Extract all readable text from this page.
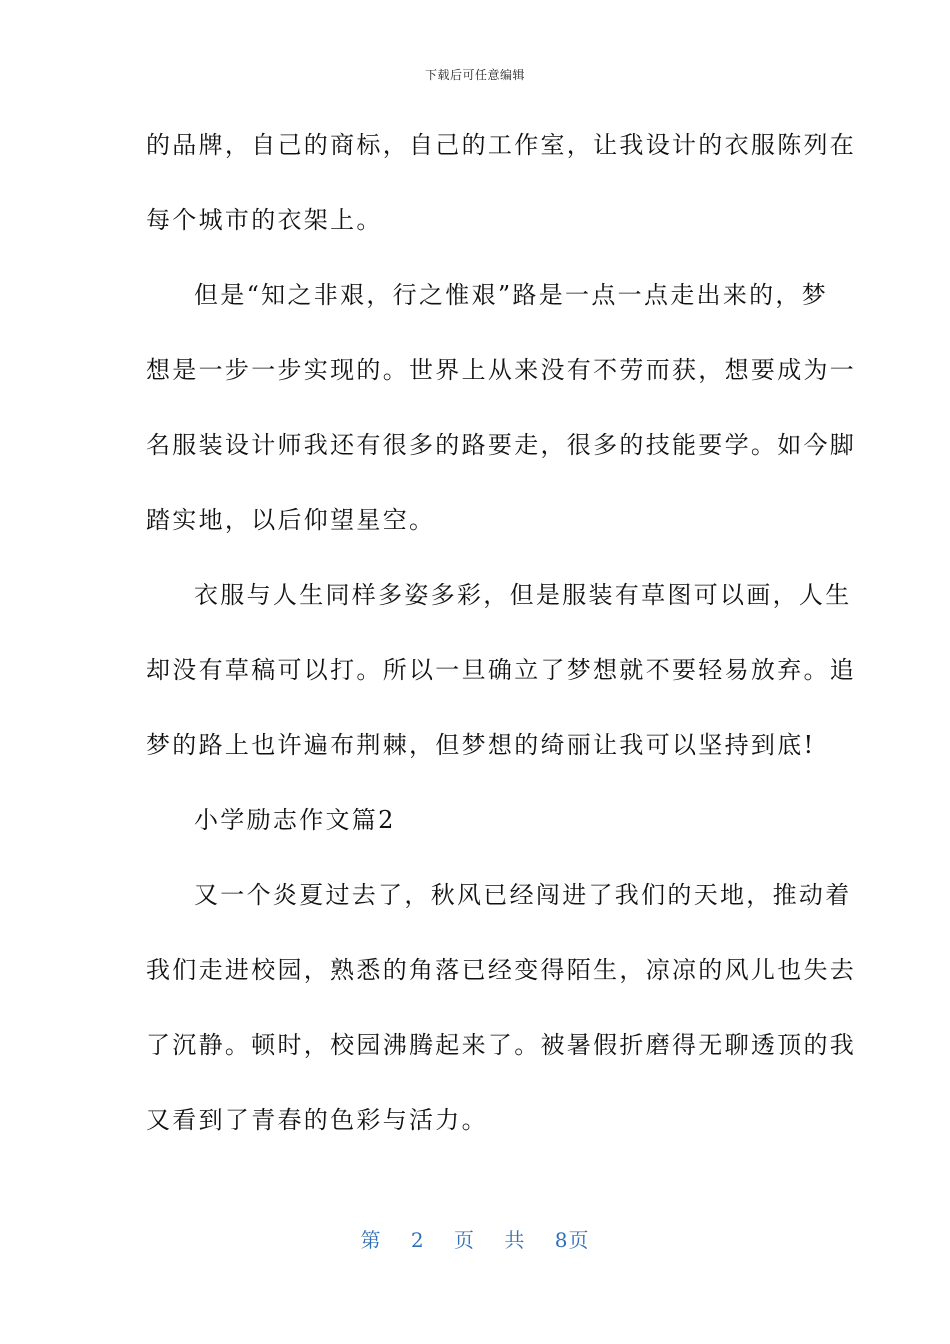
下载后可任意编辑
的品牌，自己的商标，自己的工作室，让我设计的衣服陈列在
每个城市的衣架上。
但是“知之非艰，行之惟艰”路是一点一点走出来的，梦
想是一步一步实现的。世界上从来没有不劳而获，想要成为一
名服装设计师我还有很多的路要走，很多的技能要学。如今脚
踏实地，以后仰望星空。
衣服与人生同样多姿多彩，但是服装有草图可以画，人生
却没有草稿可以打。所以一旦确立了梦想就不要轻易放弃。追
梦的路上也许遍布荆棘，但梦想的绮丽让我可以坚持到底!
小学励志作文篇2
又一个炎夏过去了，秋风已经闯进了我们的天地，推动着
我们走进校园，熟悉的角落已经变得陌生，凉凉的风儿也失去
了沉静。顿时，校园沸腾起来了。被暑假折磨得无聊透顶的我
又看到了青春的色彩与活力。
第 2 页 共 8页
